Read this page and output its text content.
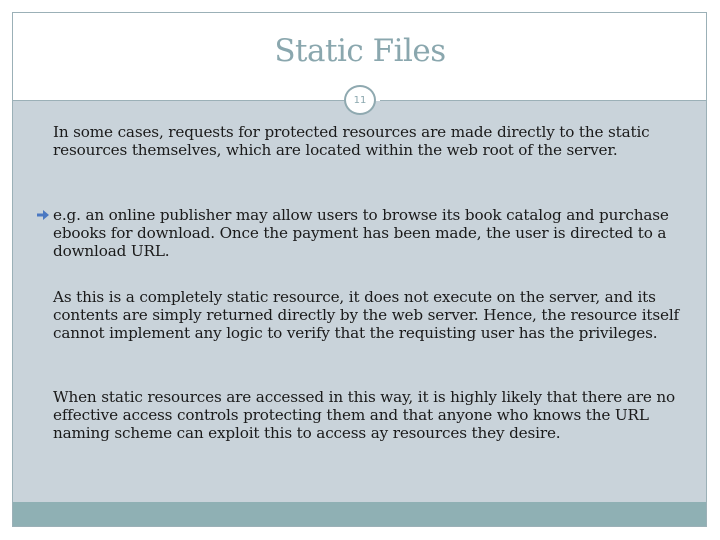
Static Files
11

In some cases, requests for protected resources are made directly to the static resources themselves, which are located within the web root of the server.

e.g. an online publisher may allow users to browse its book catalog and purchase ebooks for download. Once the payment has been made, the user is directed to a download URL.

As this is a completely static resource, it does not execute on the server, and its contents are simply returned directly by the web server. Hence, the resource itself cannot implement any logic to verify that the requisting user has the privileges.

When static resources are accessed in this way, it is highly likely that there are no effective access controls protecting them and that anyone who knows the URL naming scheme can exploit this to access ay resources they desire.
